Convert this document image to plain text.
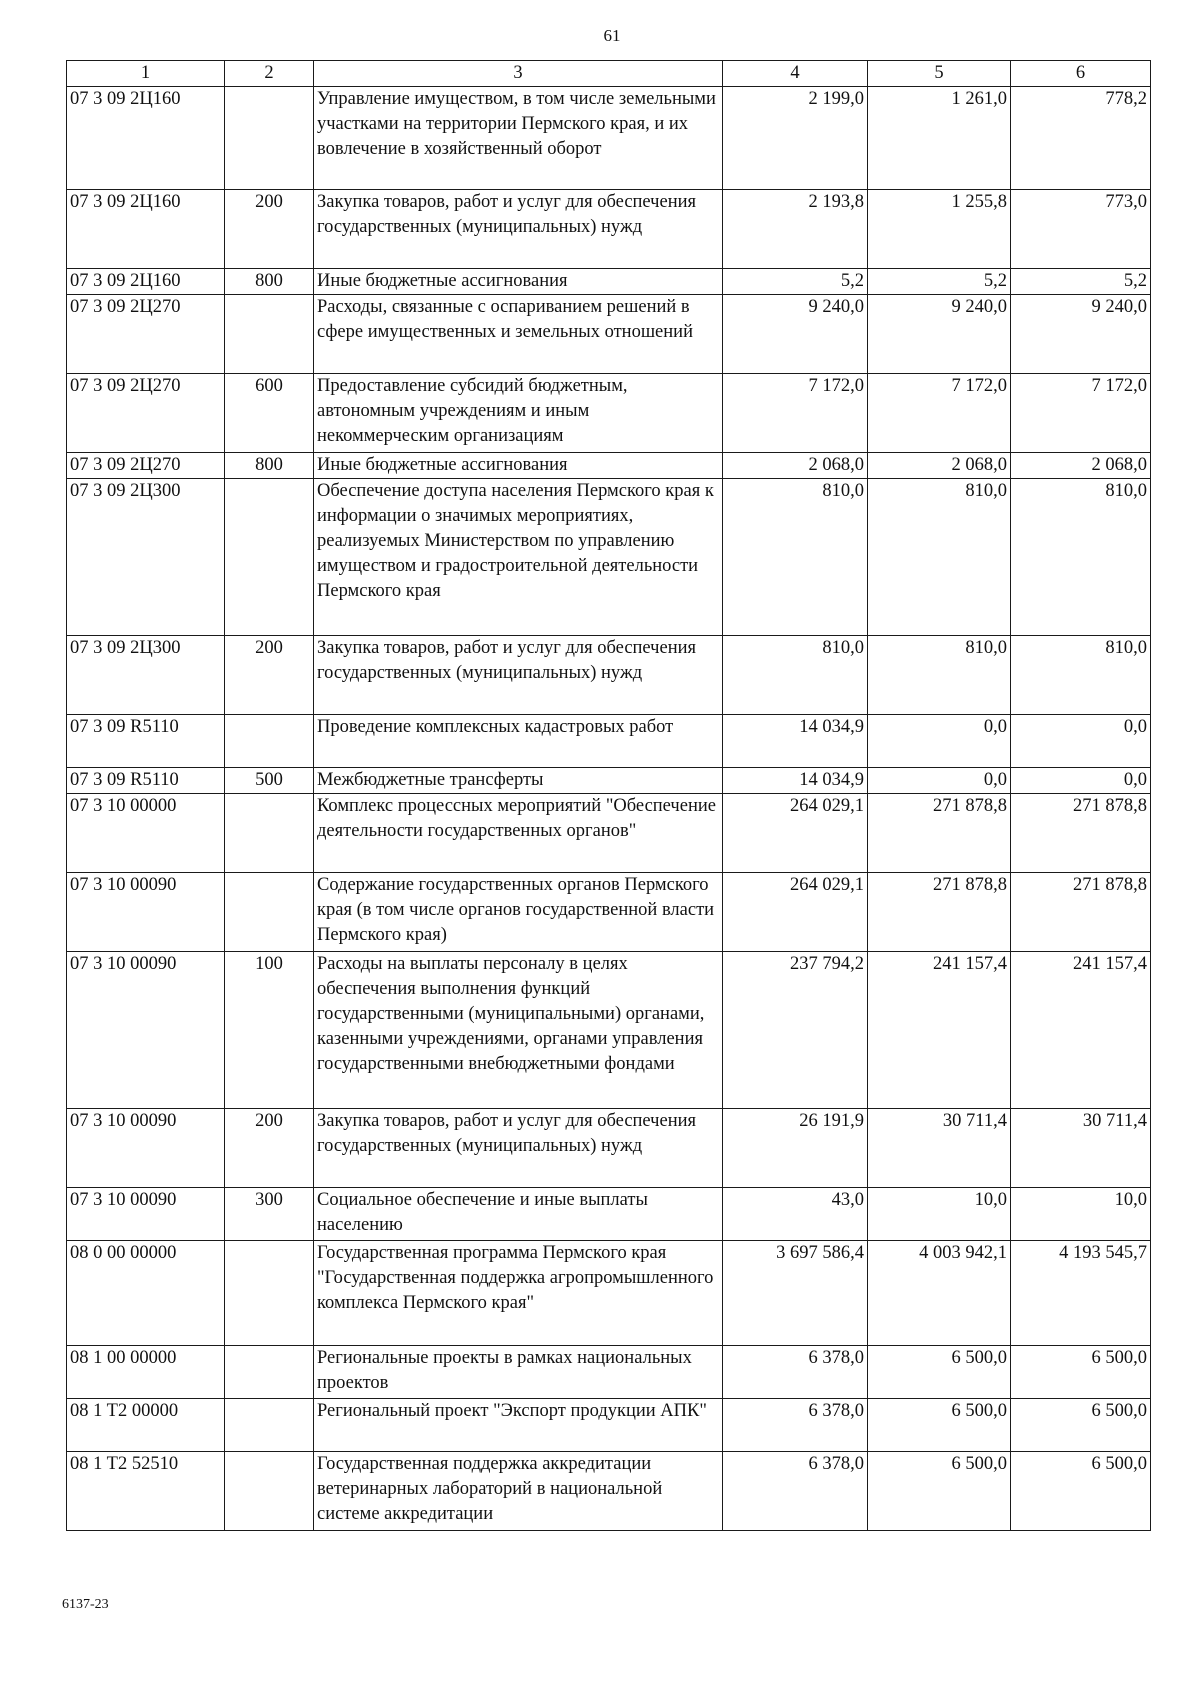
61
1	2	3	4	5	6
07 3 09 2Ц160		Управление имуществом, в том числе земельными участками на территории Пермского края, и их вовлечение в хозяйственный оборот	2 199,0	1 261,0	778,2
07 3 09 2Ц160	200	Закупка товаров, работ и услуг для обеспечения государственных (муниципальных) нужд	2 193,8	1 255,8	773,0
07 3 09 2Ц160	800	Иные бюджетные ассигнования	5,2	5,2	5,2
07 3 09 2Ц270		Расходы, связанные с оспариванием решений в сфере имущественных и земельных отношений	9 240,0	9 240,0	9 240,0
07 3 09 2Ц270	600	Предоставление субсидий бюджетным, автономным учреждениям и иным некоммерческим организациям	7 172,0	7 172,0	7 172,0
07 3 09 2Ц270	800	Иные бюджетные ассигнования	2 068,0	2 068,0	2 068,0
07 3 09 2Ц300		Обеспечение доступа населения Пермского края к информации о значимых мероприятиях, реализуемых Министерством по управлению имуществом и градостроительной деятельности Пермского края	810,0	810,0	810,0
07 3 09 2Ц300	200	Закупка товаров, работ и услуг для обеспечения государственных (муниципальных) нужд	810,0	810,0	810,0
07 3 09 R5110		Проведение комплексных кадастровых работ	14 034,9	0,0	0,0
07 3 09 R5110	500	Межбюджетные трансферты	14 034,9	0,0	0,0
07 3 10 00000		Комплекс процессных мероприятий "Обеспечение деятельности государственных органов"	264 029,1	271 878,8	271 878,8
07 3 10 00090		Содержание государственных органов Пермского края (в том числе органов государственной власти Пермского края)	264 029,1	271 878,8	271 878,8
07 3 10 00090	100	Расходы на выплаты персоналу в целях обеспечения выполнения функций государственными (муниципальными) органами, казенными учреждениями, органами управления государственными внебюджетными фондами	237 794,2	241 157,4	241 157,4
07 3 10 00090	200	Закупка товаров, работ и услуг для обеспечения государственных (муниципальных) нужд	26 191,9	30 711,4	30 711,4
07 3 10 00090	300	Социальное обеспечение и иные выплаты населению	43,0	10,0	10,0
08 0 00 00000		Государственная программа Пермского края "Государственная поддержка агропромышленного комплекса Пермского края"	3 697 586,4	4 003 942,1	4 193 545,7
08 1 00 00000		Региональные проекты в рамках национальных проектов	6 378,0	6 500,0	6 500,0
08 1 T2 00000		Региональный проект "Экспорт продукции АПК"	6 378,0	6 500,0	6 500,0
08 1 T2 52510		Государственная поддержка аккредитации ветеринарных лабораторий в национальной системе аккредитации	6 378,0	6 500,0	6 500,0
6137-23
